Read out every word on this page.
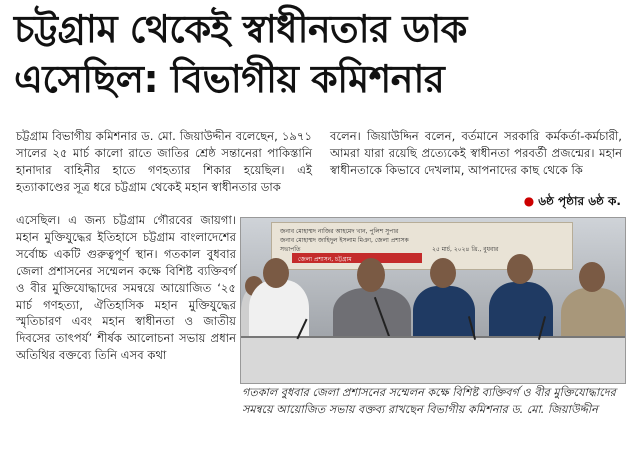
চট্টগ্রাম থেকেই স্বাধীনতার ডাক
এসেছিল: বিভাগীয় কমিশনার

চট্টগ্রাম বিভাগীয় কমিশনার ড. মো. জিয়াউদ্দীন বলেছেন, ১৯৭১ সালের ২৫ মার্চ কালো রাতে জাতির শ্রেষ্ঠ সন্তানেরা পাকিস্তানি হানাদার বাহিনীর হাতে গণহত্যার শিকার হয়েছিল। এই হত্যাকাণ্ডের সূত্র ধরে চট্টগ্রাম থেকেই মহান স্বাধীনতার ডাক

বলেন। জিয়াউদ্দিন বলেন, বর্তমানে সরকারি কর্মকর্তা-কর্মচারী, আমরা যারা রয়েছি প্রত্যেকেই স্বাধীনতা পরবর্তী প্রজন্মের। মহান স্বাধীনতাকে কিভাবে দেখলাম, আপনাদের কাছ থেকে কি

● ৬ষ্ঠ পৃষ্ঠার ৬ষ্ঠ ক.

এসেছিল। এ জন্য চট্টগ্রাম গৌরবের জায়গা। মহান মুক্তিযুদ্ধের ইতিহাসে চট্টগ্রাম বাংলাদেশের সর্বোচ্চ একটি গুরুত্বপূর্ণ স্থান। গতকাল বুধবার জেলা প্রশাসনের সম্মেলন কক্ষে বিশিষ্ট ব্যক্তিবর্গ ও বীর মুক্তিযোদ্ধাদের সমন্বয়ে আয়োজিত ‘২৫ মার্চ গণহত্যা, ঐতিহাসিক মহান মুক্তিযুদ্ধের স্মৃতিচারণ এবং মহান স্বাধীনতা ও জাতীয় দিবসের তাৎপর্য’ শীর্ষক আলোচনা সভায় প্রধান অতিথির বক্তব্যে তিনি এসব কথা

জনাব মোহাম্মদ নাজির আহমেদ খান, পুলিশ সুপার
জনাব মোহাম্মদ জাহিদুল ইসলাম মিঞা, জেলা প্রশাসক
২৫ মার্চ, ২০২৪ খ্রি., বুধবার
সভাপতি
জেলা প্রশাসন, চট্টগ্রাম

গতকাল বুধবার জেলা প্রশাসনের সম্মেলন কক্ষে বিশিষ্ট ব্যক্তিবর্গ ও বীর মুক্তিযোদ্ধাদের সমন্বয়ে আয়োজিত সভায় বক্তব্য রাখছেন বিভাগীয় কমিশনার ড. মো. জিয়াউদ্দীন
